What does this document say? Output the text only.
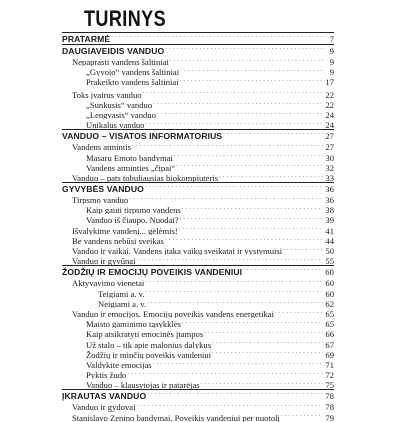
TURINYS
PRATARMĖ . . .	7
DAUGIAVEIDIS VANDUO . . .	9
Nepaprasti vandens šaltiniai . . .	9
„Gyvojo“ vandens šaltiniai . . .	9
Prakeikto vandens šaltiniai . . .	17
Toks įvairus vanduo . . .	22
„Sunkusis“ vanduo . . .	22
„Lengvasis“ vanduo . . .	24
Unikalus vanduo . . .	24
VANDUO – VISATOS INFORMATORIUS . . .	27
Vandens atmintis . . .	27
Masaru Emoto bandymai . . .	30
Vandens atminties „čipai“ . . .	32
Vanduo – pats tobuliausias biokompiuteris . . .	33
GYVYBĖS VANDUO . . .	36
Tirpsmo vanduo . . .	36
Kaip gauti tirpsmo vandens . . .	38
Vanduo iš čiaupo. Nuodai? . . .	39
Išvalykime vandenį... gėlėmis! . . .	41
Be vandens nebūsi sveikas . . .	44
Vanduo ir vaikai. Vandens įtaka vaikų sveikatai ir vystymuisi . . .	50
Vanduo ir gyvūnai . . .	55
ŽODŽIŲ IR EMOCIJŲ POVEIKIS VANDENIUI . . .	60
Aktyvavimo vienetai . . .	60
Teigiami a. v. . . .	60
Neigiami a. v. . . .	62
Vanduo ir emocijos. Emocijų poveikis vandens energetikai . . .	65
Maisto gaminimo tąsykklės . . .	65
Kaip atsikratyti emocinės įtampos . . .	66
Už stalo – tik apie malonius dalykus . . .	67
Žodžių ir minčių poveikis vandeniui . . .	69
Valdykite emocijas . . .	71
Pyktis žudo . . .	72
Vanduo – klausytojas ir patarėjas . . .	75
ĮKRAUTAS VANDUO . . .	78
Vanduo ir gydovai . . .	78
Stanislavo Zenino bandymai. Poveikis vandeniui per nuotolį . . .	79
